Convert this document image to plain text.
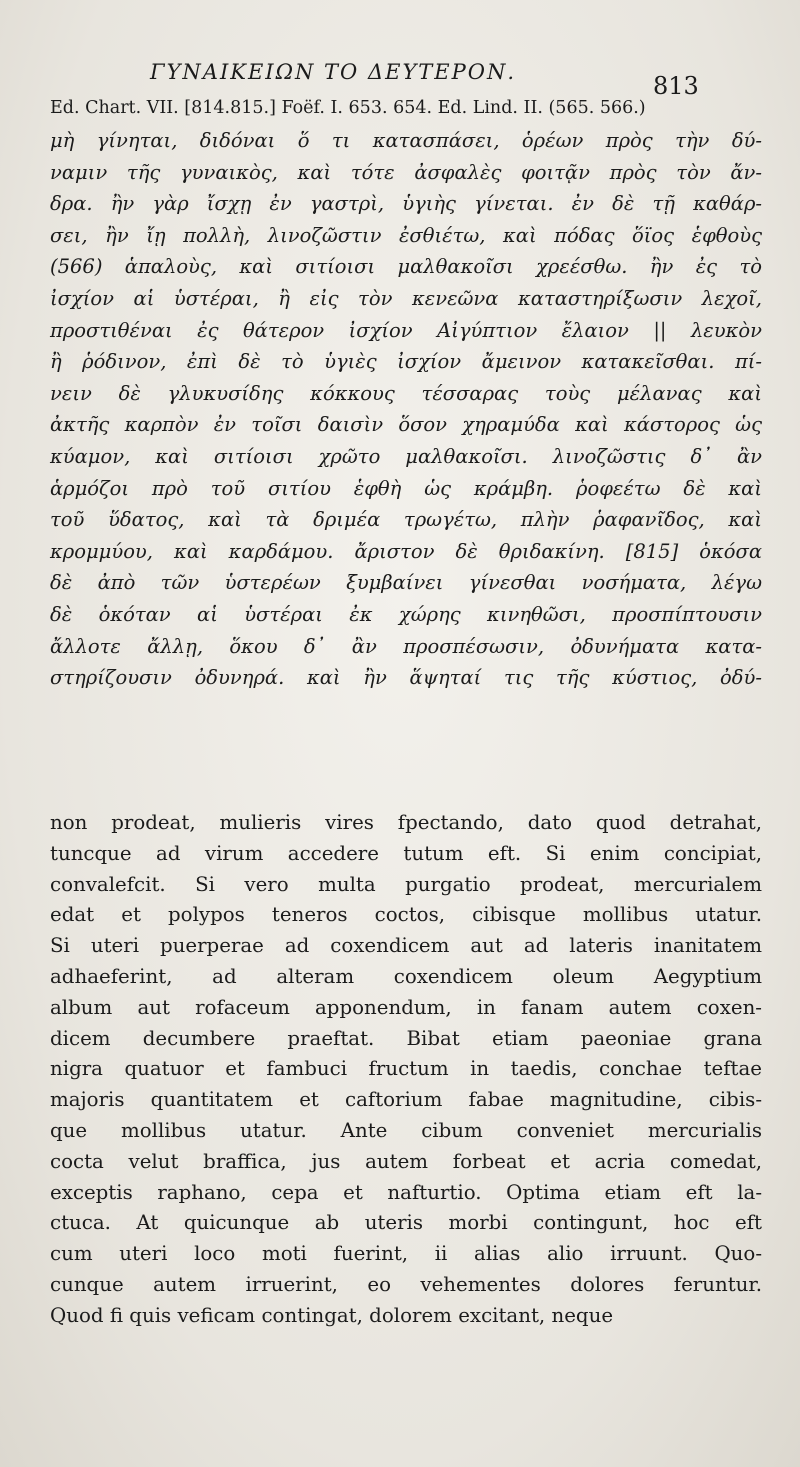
ΓΥΝΑΙΚΕΙΩΝ ΤΟ ΔΕΥΤΕΡΟΝ.	813
Ed. Chart. VII. [814.815.] Foëf. I. 653. 654. Ed. Lind. II. (565. 566.)
μὴ γίνηται, διδόναι ὅ τι κατασπάσει, ὁρέων πρὸς τὴν δύ-
ναμιν τῆς γυναικὸς, καὶ τότε ἀσφαλὲς φοιτᾷν πρὸς τὸν ἄν-
δρα. ἢν γὰρ ἴσχῃ ἐν γαστρὶ, ὑγιὴς γίνεται. ἐν δὲ τῇ καθάρ-
σει, ἢν ἴῃ πολλὴ, λινοζῶστιν ἐσθιέτω, καὶ πόδας ὅϊος ἑφθοὺς
(566) ἁπαλοὺς, καὶ σιτίοισι μαλθακοῖσι χρεέσθω. ἢν ἐς τὸ
ἰσχίον αἱ ὑστέραι, ἢ εἰς τὸν κενεῶνα καταστηρίξωσιν λεχοῖ,
προστιθέναι ἐς θάτερον ἰσχίον Αἰγύπτιον ἔλαιον || λευκὸν
ἢ ῥόδινον, ἐπὶ δὲ τὸ ὑγιὲς ἰσχίον ἄμεινον κατακεῖσθαι. πί-
νειν δὲ γλυκυσίδης κόκκους τέσσαρας τοὺς μέλανας καὶ
ἀκτῆς καρπὸν ἐν τοῖσι δαισὶν ὅσον χηραμύδα καὶ κάστορος ὡς
κύαμον, καὶ σιτίοισι χρῶτο μαλθακοῖσι. λινοζῶστις δ᾽ ἂν
ἁρμόζοι πρὸ τοῦ σιτίου ἑφθὴ ὡς κράμβη. ῥοφεέτω δὲ καὶ
τοῦ ὕδατος, καὶ τὰ δριμέα τρωγέτω, πλὴν ῥαφανῖδος, καὶ
κρομμύου, καὶ καρδάμου. ἄριστον δὲ θριδακίνη. [815] ὁκόσα
δὲ ἀπὸ τῶν ὑστερέων ξυμβαίνει γίνεσθαι νοσήματα, λέγω
δὲ ὁκόταν αἱ ὑστέραι ἐκ χώρης κινηθῶσι, προσπίπτουσιν
ἄλλοτε ἄλλῃ, ὅκου δ᾽ ἂν προσπέσωσιν, ὀδυνήματα κατα-
στηρίζουσιν ὀδυνηρά. καὶ ἢν ἅψηταί τις τῆς κύστιος, ὀδύ-
non prodeat, mulieris vires fpectando, dato quod detrahat,
tuncque ad virum accedere tutum eft. Si enim concipiat,
convalefcit. Si vero multa purgatio prodeat, mercurialem
edat et polypos teneros coctos, cibisque mollibus utatur.
Si uteri puerperae ad coxendicem aut ad lateris inanitatem
adhaeferint, ad alteram coxendicem oleum Aegyptium
album aut rofaceum apponendum, in fanam autem coxen-
dicem decumbere praeftat. Bibat etiam paeoniae grana
nigra quatuor et fambuci fructum in taedis, conchae teftae
majoris quantitatem et caftorium fabae magnitudine, cibis-
que mollibus utatur. Ante cibum conveniet mercurialis
cocta velut braffica, jus autem forbeat et acria comedat,
exceptis raphano, cepa et nafturtio. Optima etiam eft la-
ctuca. At quicunque ab uteris morbi contingunt, hoc eft
cum uteri loco moti fuerint, ii alias alio irruunt. Quo-
cunque autem irruerint, eo vehementes dolores feruntur.
Quod fi quis veficam contingat, dolorem excitant, neque
